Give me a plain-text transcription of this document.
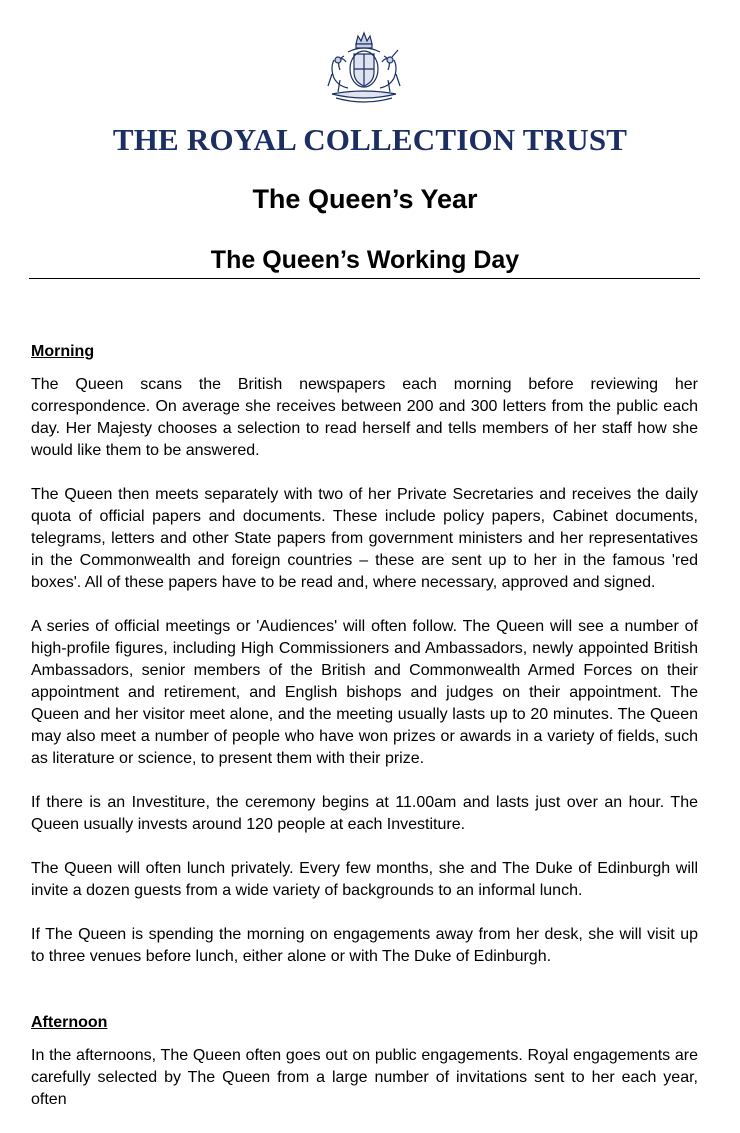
THE ROYAL COLLECTION TRUST
The Queen’s Year
The Queen’s Working Day
Morning

The Queen scans the British newspapers each morning before reviewing her correspondence. On average she receives between 200 and 300 letters from the public each day. Her Majesty chooses a selection to read herself and tells members of her staff how she would like them to be answered.

The Queen then meets separately with two of her Private Secretaries and receives the daily quota of official papers and documents. These include policy papers, Cabinet documents, telegrams, letters and other State papers from government ministers and her representatives in the Commonwealth and foreign countries – these are sent up to her in the famous 'red boxes'. All of these papers have to be read and, where necessary, approved and signed.

A series of official meetings or 'Audiences' will often follow. The Queen will see a number of high-profile figures, including High Commissioners and Ambassadors, newly appointed British Ambassadors, senior members of the British and Commonwealth Armed Forces on their appointment and retirement, and English bishops and judges on their appointment. The Queen and her visitor meet alone, and the meeting usually lasts up to 20 minutes. The Queen may also meet a number of people who have won prizes or awards in a variety of fields, such as literature or science, to present them with their prize.

If there is an Investiture, the ceremony begins at 11.00am and lasts just over an hour. The Queen usually invests around 120 people at each Investiture.

The Queen will often lunch privately. Every few months, she and The Duke of Edinburgh will invite a dozen guests from a wide variety of backgrounds to an informal lunch.

If The Queen is spending the morning on engagements away from her desk, she will visit up to three venues before lunch, either alone or with The Duke of Edinburgh.

Afternoon

In the afternoons, The Queen often goes out on public engagements. Royal engagements are carefully selected by The Queen from a large number of invitations sent to her each year, often
